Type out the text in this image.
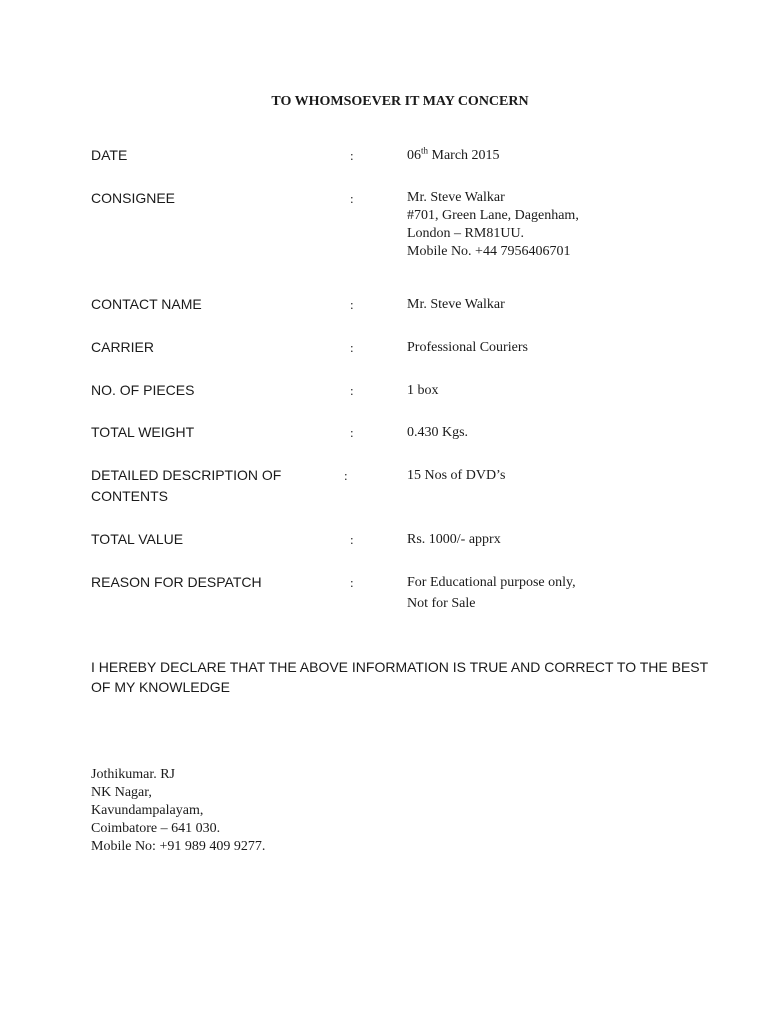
TO WHOMSOEVER IT MAY CONCERN
DATE	:	06th March 2015
CONSIGNEE	:	Mr. Steve Walkar
#701, Green Lane, Dagenham,
London – RM81UU.
Mobile No. +44 7956406701
CONTACT NAME	:	Mr. Steve Walkar
CARRIER	:	Professional Couriers
NO. OF PIECES	:	1 box
TOTAL WEIGHT	:	0.430 Kgs.
DETAILED DESCRIPTION OF
CONTENTS
:	15 Nos of DVD’s
TOTAL VALUE	:	Rs. 1000/- apprx
REASON FOR DESPATCH	:	For Educational purpose only,
Not for Sale
I HEREBY DECLARE THAT THE ABOVE INFORMATION IS TRUE AND CORRECT TO THE BEST OF MY KNOWLEDGE
Jothikumar. RJ
NK Nagar,
Kavundampalayam,
Coimbatore – 641 030.
Mobile No: +91 989 409 9277.
